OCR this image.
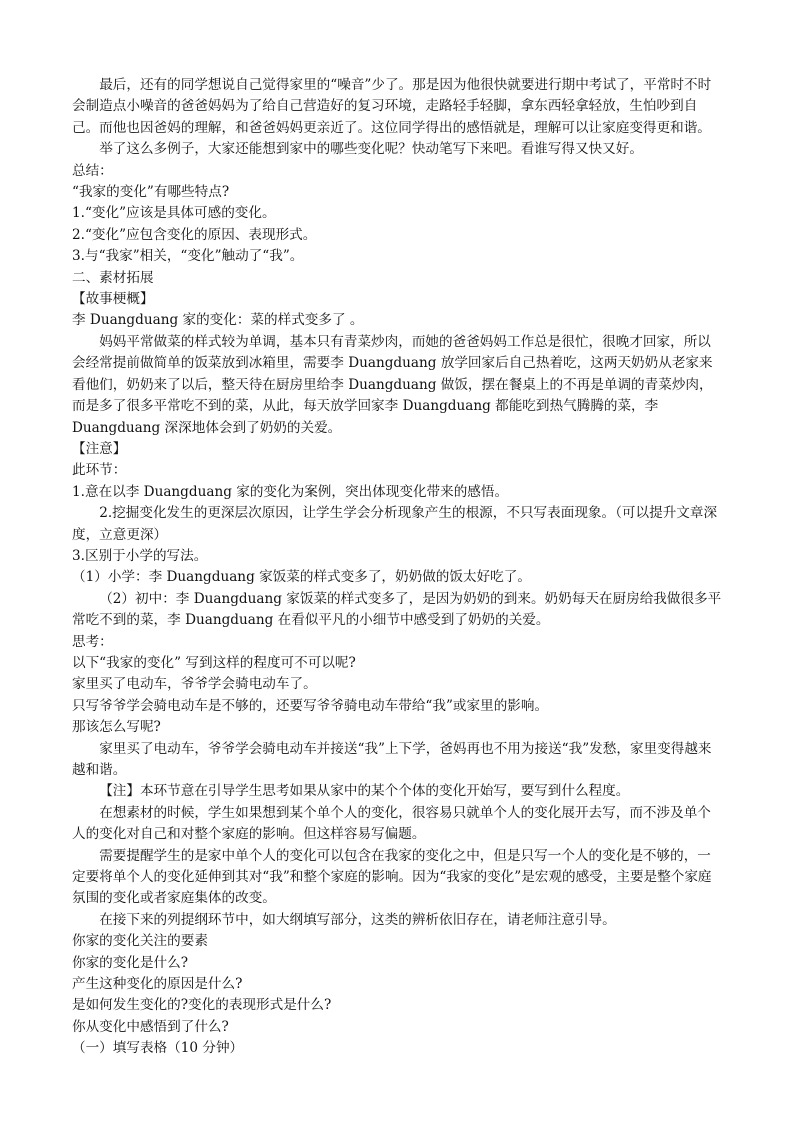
最后，还有的同学想说自己觉得家里的“噪音”少了。那是因为他很快就要进行期中考试了，平常时不时会制造点小噪音的爸爸妈妈为了给自己营造好的复习环境，走路轻手轻脚，拿东西轻拿轻放，生怕吵到自己。而他也因爸妈的理解，和爸爸妈妈更亲近了。这位同学得出的感悟就是，理解可以让家庭变得更和谐。

举了这么多例子，大家还能想到家中的哪些变化呢？快动笔写下来吧。看谁写得又快又好。

总结：

“我家的变化”有哪些特点?

1.“变化”应该是具体可感的变化。

2.“变化”应包含变化的原因、表现形式。

3.与“我家”相关，“变化”触动了“我”。

二、素材拓展

【故事梗概】

李 Duangduang 家的变化：菜的样式变多了 。

妈妈平常做菜的样式较为单调，基本只有青菜炒肉，而她的爸爸妈妈工作总是很忙，很晚才回家，所以会经常提前做简单的饭菜放到冰箱里，需要李 Duangduang 放学回家后自己热着吃，这两天奶奶从老家来看他们，奶奶来了以后，整天待在厨房里给李 Duangduang 做饭，摆在餐桌上的不再是单调的青菜炒肉，而是多了很多平常吃不到的菜，从此，每天放学回家李 Duangduang 都能吃到热气腾腾的菜，李 Duangduang 深深地体会到了奶奶的关爱。

【注意】

此环节：

1.意在以李 Duangduang 家的变化为案例，突出体现变化带来的感悟。

2.挖掘变化发生的更深层次原因，让学生学会分析现象产生的根源，不只写表面现象。（可以提升文章深度，立意更深）

3.区别于小学的写法。

（1）小学：李 Duangduang 家饭菜的样式变多了，奶奶做的饭太好吃了。

（2）初中：李 Duangduang 家饭菜的样式变多了，是因为奶奶的到来。奶奶每天在厨房给我做很多平常吃不到的菜，李 Duangduang 在看似平凡的小细节中感受到了奶奶的关爱。

思考：

以下“我家的变化” 写到这样的程度可不可以呢?

家里买了电动车，爷爷学会骑电动车了。

只写爷爷学会骑电动车是不够的，还要写爷爷骑电动车带给“我”或家里的影响。

那该怎么写呢?

家里买了电动车，爷爷学会骑电动车并接送“我”上下学，爸妈再也不用为接送“我”发愁，家里变得越来越和谐。

【注】本环节意在引导学生思考如果从家中的某个个体的变化开始写，要写到什么程度。

在想素材的时候，学生如果想到某个单个人的变化，很容易只就单个人的变化展开去写，而不涉及单个人的变化对自己和对整个家庭的影响。但这样容易写偏题。

需要提醒学生的是家中单个人的变化可以包含在我家的变化之中，但是只写一个人的变化是不够的，一定要将单个人的变化延伸到其对“我”和整个家庭的影响。因为“我家的变化”是宏观的感受，主要是整个家庭氛围的变化或者家庭集体的改变。

在接下来的列提纲环节中，如大纲填写部分，这类的辨析依旧存在，请老师注意引导。

你家的变化关注的要素

你家的变化是什么?

产生这种变化的原因是什么?

是如何发生变化的?变化的表现形式是什么?

你从变化中感悟到了什么?

（一）填写表格（10 分钟）
